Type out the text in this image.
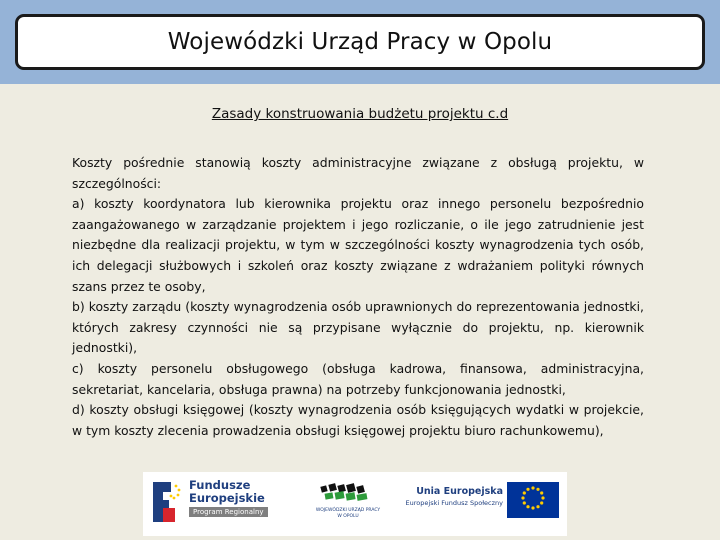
Wojewódzki Urząd Pracy w Opolu
Zasady konstruowania budżetu projektu c.d

Koszty pośrednie stanowią koszty administracyjne związane z obsługą projektu, w szczególności:

a) koszty koordynatora lub kierownika projektu oraz innego personelu bezpośrednio zaangażowanego w zarządzanie projektem i jego rozliczanie, o ile jego zatrudnienie jest niezbędne dla realizacji projektu, w tym w szczególności koszty wynagrodzenia tych osób, ich delegacji służbowych i szkoleń oraz koszty związane z wdrażaniem polityki równych szans przez te osoby,

b) koszty zarządu (koszty wynagrodzenia osób uprawnionych do reprezentowania jednostki, których zakresy czynności nie są przypisane wyłącznie do projektu, np. kierownik jednostki),

c) koszty personelu obsługowego (obsługa kadrowa, finansowa, administracyjna, sekretariat, kancelaria, obsługa prawna) na potrzeby funkcjonowania jednostki,

d) koszty obsługi księgowej (koszty wynagrodzenia osób księgujących wydatki w projekcie, w tym koszty zlecenia prowadzenia obsługi księgowej projektu biuro rachunkowemu),

Fundusze
Europejskie
Program Regionalny	WOJEWÓDZKI URZĄD PRACY
W OPOLU
Unia Europejska
Europejski Fundusz Społeczny
